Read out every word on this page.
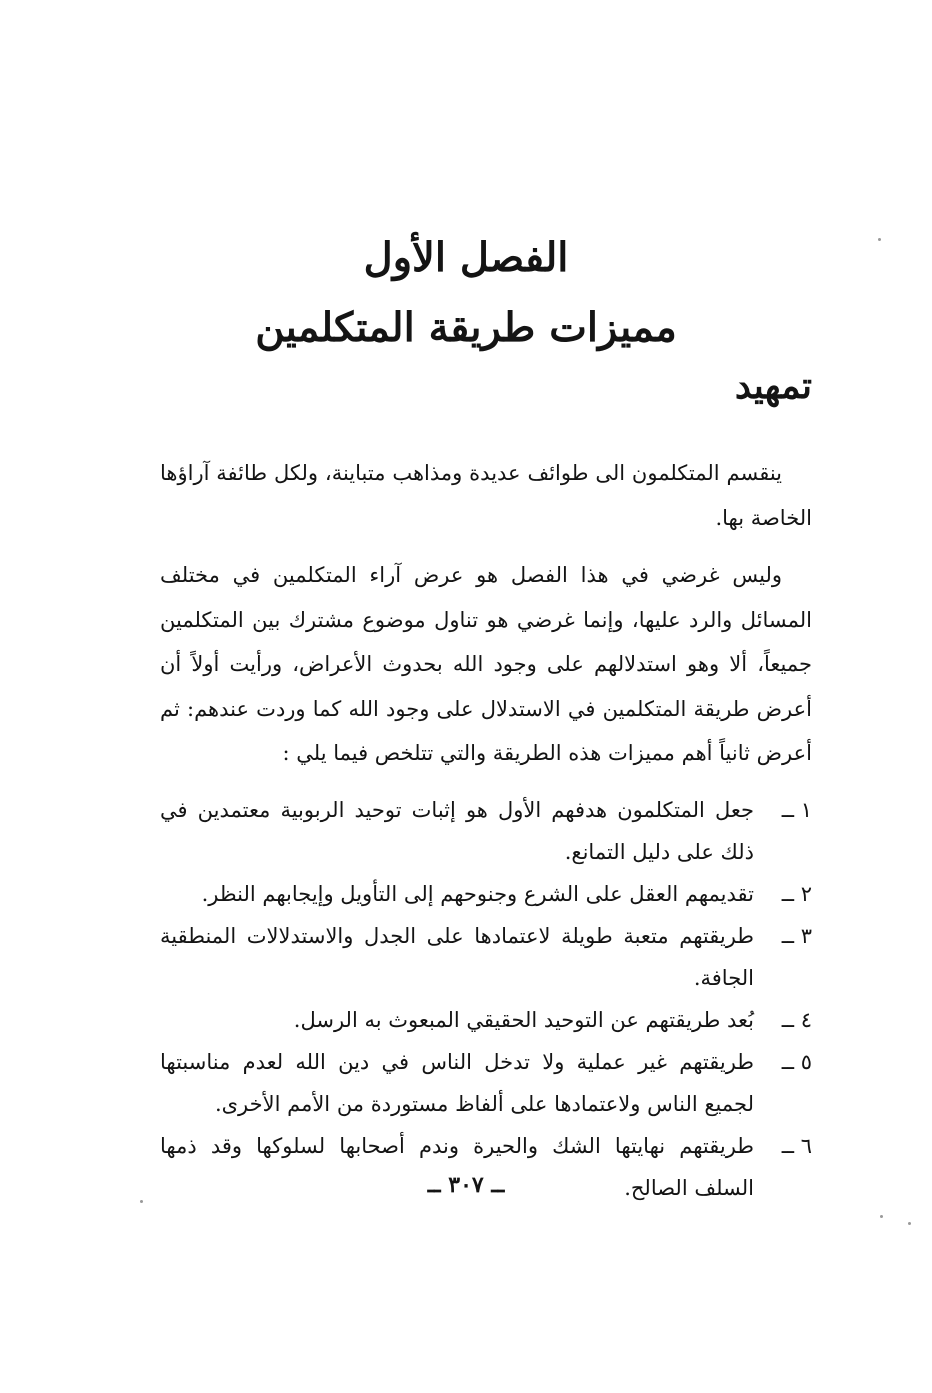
الفصل الأول
مميزات طريقة المتكلمين
تمهيد

ينقسم المتكلمون الى طوائف عديدة ومذاهب متباينة، ولكل طائفة آراؤها الخاصة بها.

وليس غرضي في هذا الفصل هو عرض آراء المتكلمين في مختلف المسائل والرد عليها، وإنما غرضي هو تناول موضوع مشترك بين المتكلمين جميعاً، ألا وهو استدلالهم على وجود الله بحدوث الأعراض، ورأيت أولاً أن أعرض طريقة المتكلمين في الاستدلال على وجود الله كما وردت عندهم: ثم أعرض ثانياً أهم مميزات هذه الطريقة والتي تتلخص فيما يلي :

١ ــ
جعل المتكلمون هدفهم الأول هو إثبات توحيد الربوبية معتمدين في ذلك على دليل التمانع.
٢ ــ
تقديمهم العقل على الشرع وجنوحهم إلى التأويل وإيجابهم النظر.
٣ ــ
طريقتهم متعبة طويلة لاعتمادها على الجدل والاستدلالات المنطقية الجافة.
٤ ــ
بُعد طريقتهم عن التوحيد الحقيقي المبعوث به الرسل.
٥ ــ
طريقتهم غير عملية ولا تدخل الناس في دين الله لعدم مناسبتها لجميع الناس ولاعتمادها على ألفاظ مستوردة من الأمم الأخرى.
٦ ــ
طريقتهم نهايتها الشك والحيرة وندم أصحابها لسلوكها وقد ذمها السلف الصالح.
ــ ٣٠٧ ــ
